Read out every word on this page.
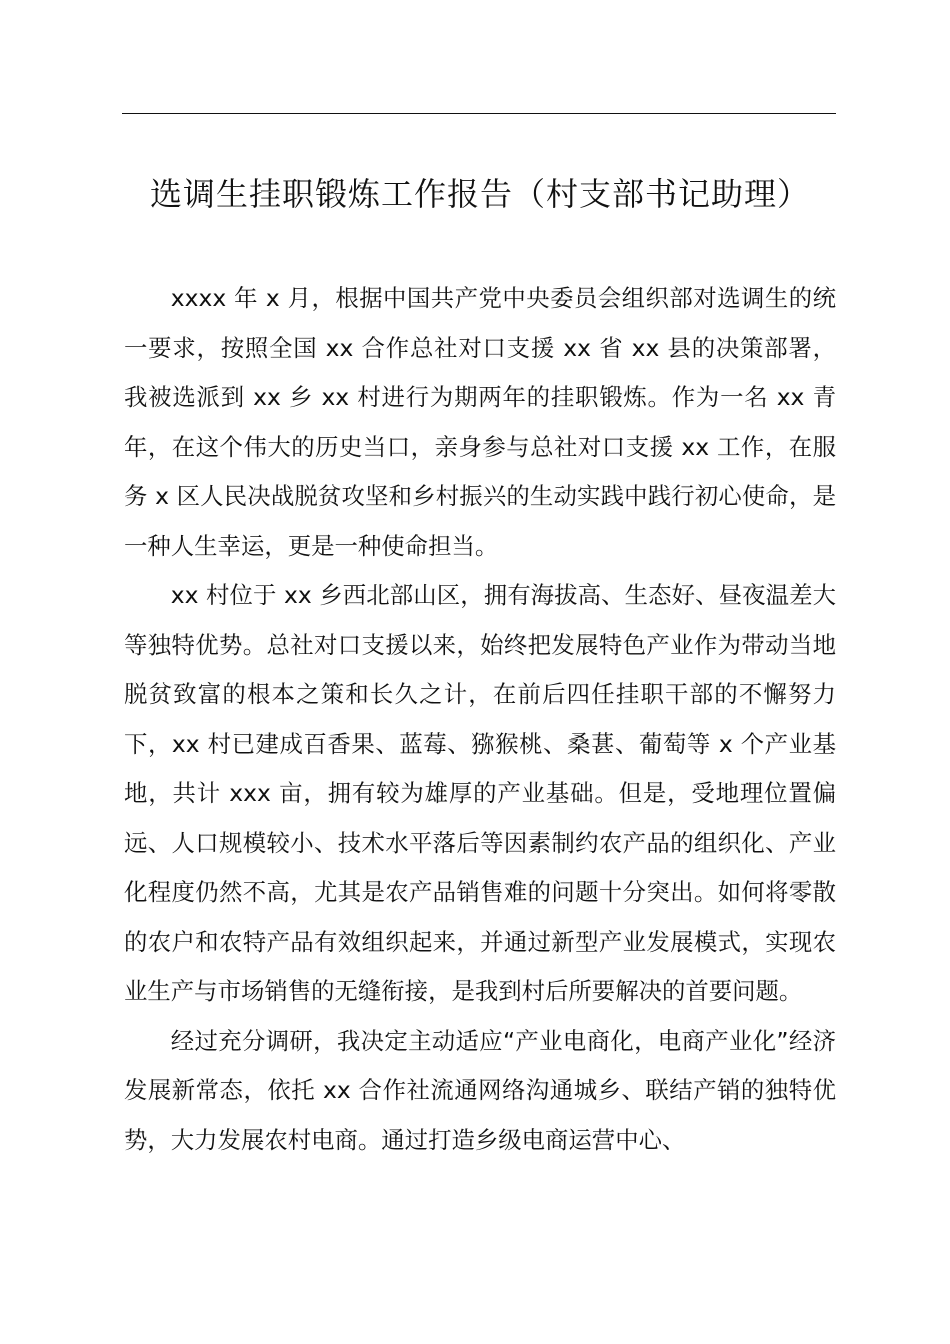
选调生挂职锻炼工作报告（村支部书记助理）

xxxx 年 x 月，根据中国共产党中央委员会组织部对选调生的统一要求，按照全国 xx 合作总社对口支援 xx 省 xx 县的决策部署，我被选派到 xx 乡 xx 村进行为期两年的挂职锻炼。作为一名 xx 青年，在这个伟大的历史当口，亲身参与总社对口支援 xx 工作，在服务 x 区人民决战脱贫攻坚和乡村振兴的生动实践中践行初心使命，是一种人生幸运，更是一种使命担当。

xx 村位于 xx 乡西北部山区，拥有海拔高、生态好、昼夜温差大等独特优势。总社对口支援以来，始终把发展特色产业作为带动当地脱贫致富的根本之策和长久之计，在前后四任挂职干部的不懈努力下，xx 村已建成百香果、蓝莓、猕猴桃、桑葚、葡萄等 x 个产业基地，共计 xxx 亩，拥有较为雄厚的产业基础。但是，受地理位置偏远、人口规模较小、技术水平落后等因素制约农产品的组织化、产业化程度仍然不高，尤其是农产品销售难的问题十分突出。如何将零散的农户和农特产品有效组织起来，并通过新型产业发展模式，实现农业生产与市场销售的无缝衔接，是我到村后所要解决的首要问题。

经过充分调研，我决定主动适应“产业电商化，电商产业化”经济发展新常态，依托 xx 合作社流通网络沟通城乡、联结产销的独特优势，大力发展农村电商。通过打造乡级电商运营中心、
